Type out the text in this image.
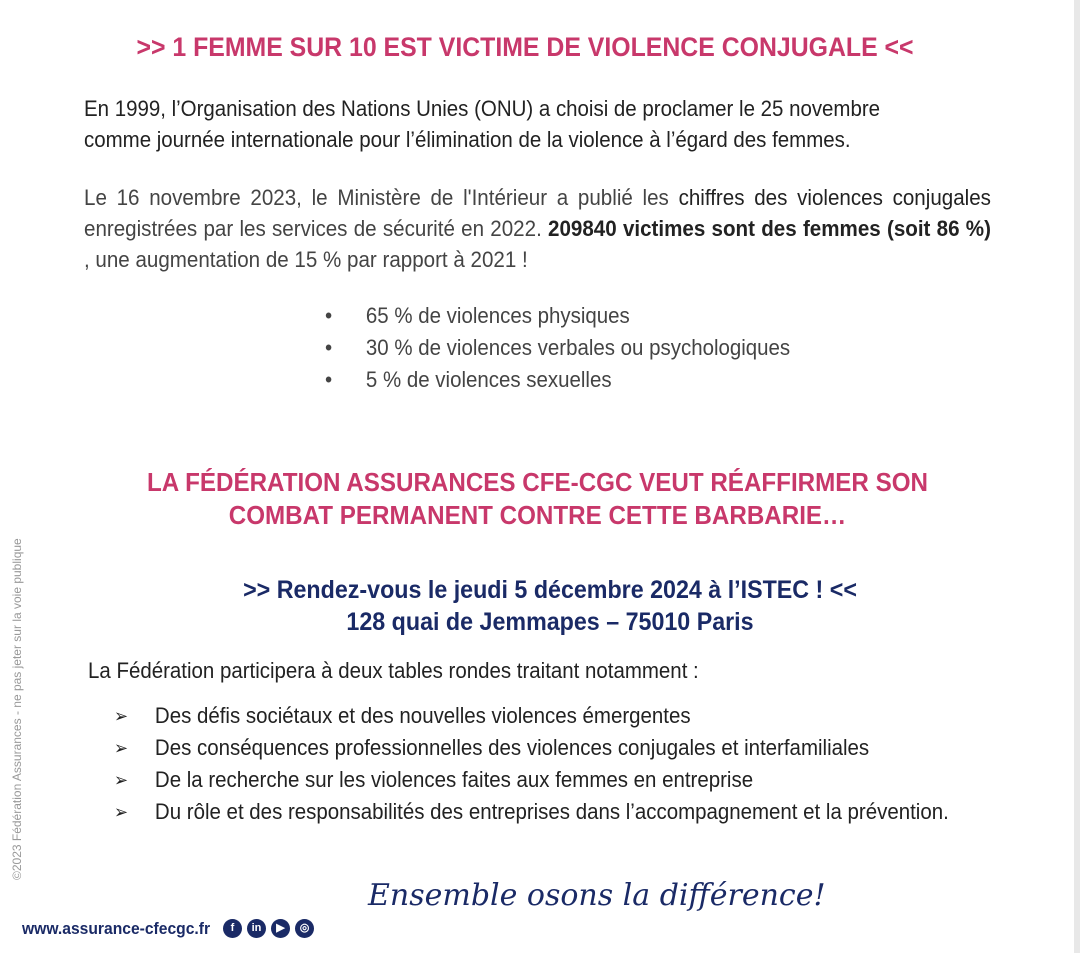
>> 1 FEMME SUR 10 EST VICTIME DE VIOLENCE CONJUGALE <<

En 1999, l’Organisation des Nations Unies (ONU) a choisi de proclamer le 25 novembre comme journée internationale pour l’élimination de la violence à l’égard des femmes.

Le 16 novembre 2023, le Ministère de l'Intérieur a publié les chiffres des violences conjugales enregistrées par les services de sécurité en 2022. 209840 victimes sont des femmes (soit 86 %) , une augmentation de 15 % par rapport à 2021 !

•	65 % de violences physiques
•	30 % de violences verbales ou psychologiques
•	5 % de violences sexuelles
LA FÉDÉRATION ASSURANCES CFE-CGC VEUT RÉAFFIRMER SON
COMBAT PERMANENT CONTRE CETTE BARBARIE…
>> Rendez-vous le jeudi 5 décembre 2024 à l’ISTEC ! <<
128 quai de Jemmapes – 75010 Paris

La Fédération participera à deux tables rondes traitant notamment :

➢	Des défis sociétaux et des nouvelles violences émergentes
➢	Des conséquences professionnelles des violences conjugales et interfamiliales
➢	De la recherche sur les violences faites aux femmes en entreprise
➢	Du rôle et des responsabilités des entreprises dans l’accompagnement et la prévention.
©2023 Fédération Assurances - ne pas jeter sur la voie publique
Ensemble osons la différence!
www.assurance-cfecgc.fr	f	in	▶	◎
